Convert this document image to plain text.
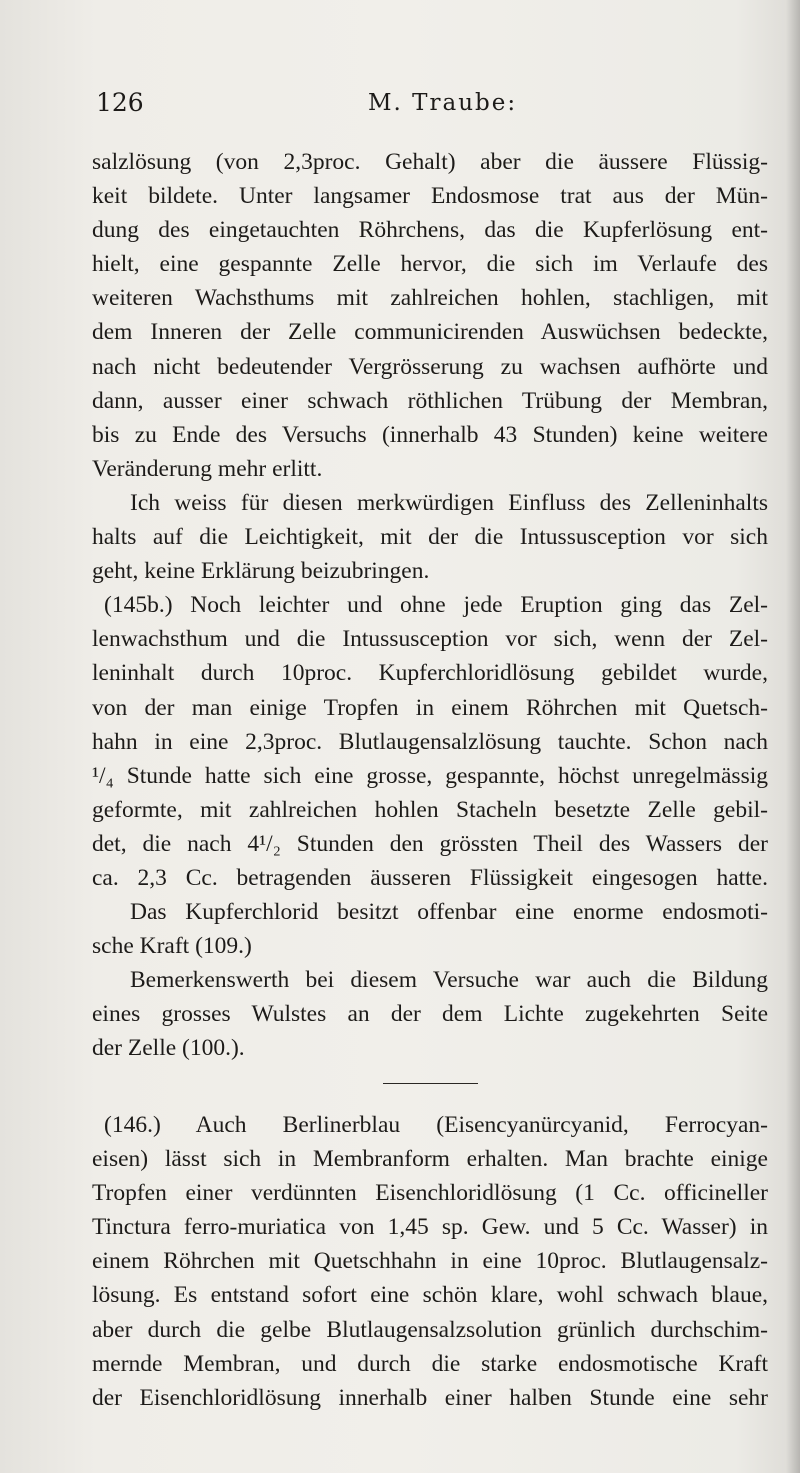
126	M. Traube:
salzlösung (von 2,3proc. Gehalt) aber die äussere Flüssig-
keit bildete. Unter langsamer Endosmose trat aus der Mün-
dung des eingetauchten Röhrchens, das die Kupferlösung ent-
hielt, eine gespannte Zelle hervor, die sich im Verlaufe des
weiteren Wachsthums mit zahlreichen hohlen, stachligen, mit
dem Inneren der Zelle communicirenden Auswüchsen bedeckte,
nach nicht bedeutender Vergrösserung zu wachsen aufhörte und
dann, ausser einer schwach röthlichen Trübung der Membran,
bis zu Ende des Versuchs (innerhalb 43 Stunden) keine weitere
Veränderung mehr erlitt.
Ich weiss für diesen merkwürdigen Einfluss des Zelleninhalts
halts auf die Leichtigkeit, mit der die Intussusception vor sich
geht, keine Erklärung beizubringen.
(145b.) Noch leichter und ohne jede Eruption ging das Zel-
lenwachsthum und die Intussusception vor sich, wenn der Zel-
leninhalt durch 10proc. Kupferchloridlösung gebildet wurde,
von der man einige Tropfen in einem Röhrchen mit Quetsch-
hahn in eine 2,3proc. Blutlaugensalzlösung tauchte. Schon nach
¹/₄ Stunde hatte sich eine grosse, gespannte, höchst unregelmässig
geformte, mit zahlreichen hohlen Stacheln besetzte Zelle gebil-
det, die nach 4¹/₂ Stunden den grössten Theil des Wassers der
ca. 2,3 Cc. betragenden äusseren Flüssigkeit eingesogen hatte.
Das Kupferchlorid besitzt offenbar eine enorme endosmoti-
sche Kraft (109.)
Bemerkenswerth bei diesem Versuche war auch die Bildung
eines grosses Wulstes an der dem Lichte zugekehrten Seite
der Zelle (100.).
(146.) Auch Berlinerblau (Eisencyanürcyanid, Ferrocyan-
eisen) lässt sich in Membranform erhalten. Man brachte einige
Tropfen einer verdünnten Eisenchloridlösung (1 Cc. officineller
Tinctura ferro-muriatica von 1,45 sp. Gew. und 5 Cc. Wasser) in
einem Röhrchen mit Quetschhahn in eine 10proc. Blutlaugensalz-
lösung. Es entstand sofort eine schön klare, wohl schwach blaue,
aber durch die gelbe Blutlaugensalzsolution grünlich durchschim-
mernde Membran, und durch die starke endosmotische Kraft
der Eisenchloridlösung innerhalb einer halben Stunde eine sehr
